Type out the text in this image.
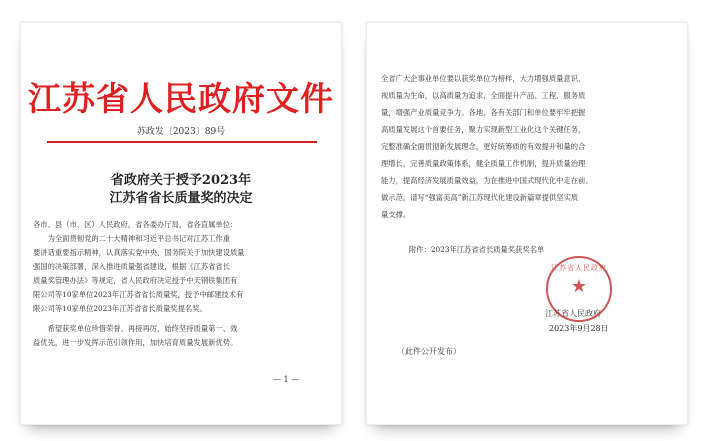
江苏省人民政府文件
苏政发〔2023〕89号
省政府关于授予2023年
江苏省省长质量奖的决定
各市、县（市、区）人民政府，省各委办厅局，省各直属单位：
　　为全面贯彻党的二十大精神和习近平总书记对江苏工作重
要讲话重要指示精神，认真落实党中央、国务院关于加快建设质量
强国的决策部署，深入推进质量强省建设，根据《江苏省省长
质量奖管理办法》等规定，省人民政府决定授予中天钢铁集团有
限公司等10家单位2023年江苏省省长质量奖，授予中邮建技术有
限公司等10家单位2023年江苏省省长质量奖提名奖。
　　希望获奖单位珍惜荣誉、再接再厉，始终坚持质量第一、效
益优先，进一步发挥示范引领作用，加快培育质量发展新优势。
— 1 —
全省广大企事业单位要以获奖单位为榜样，大力增强质量意识、
视质量为生命，以高质量为追求，全面提升产品、工程、服务质
量，增强产业质量竞争力。各地、各有关部门和单位要牢牢把握
高质量发展这个首要任务，聚力实现新型工业化这个关键任务，
完整准确全面贯彻新发展理念，更好统筹质的有效提升和量的合
理增长，完善质量政策体系，健全质量工作机制，提升质量治理
能力，提高经济发展质量效益，为在推进中国式现代化中走在前、
做示范，谱写“强富美高”新江苏现代化建设新篇章提供坚实质
量支撑。
附件：2023年江苏省省长质量奖获奖名单
江苏省人民政府
2023年9月28日
（此件公开发布）
江苏省人民政府
★
